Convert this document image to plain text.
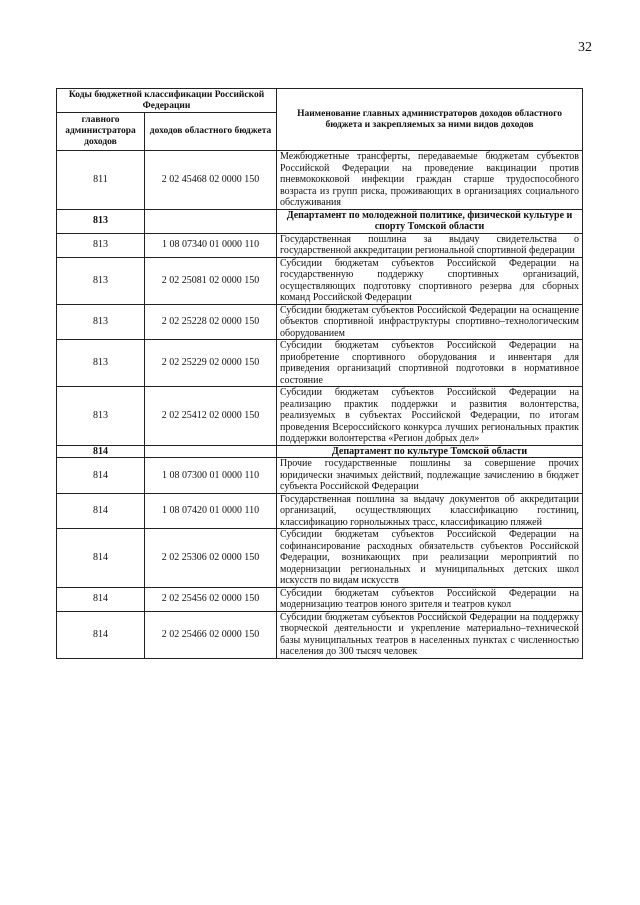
32
Коды бюджетной классификации Российской Федерации		Наименование главных администраторов доходов областного бюджета и закрепляемых за ними видов доходов
главного администратора доходов	доходов областного бюджета	
811	2 02 45468 02 0000 150	Межбюджетные трансферты, передаваемые бюджетам субъектов Российской Федерации на проведение вакцинации против пневмококковой инфекции граждан старше трудоспособного возраста из групп риска, проживающих в организациях социального обслуживания
813		Департамент по молодежной политике, физической культуре и спорту Томской области
813	1 08 07340 01 0000 110	Государственная пошлина за выдачу свидетельства о государственной аккредитации региональной спортивной федерации
813	2 02 25081 02 0000 150	Субсидии бюджетам субъектов Российской Федерации на государственную поддержку спортивных организаций, осуществляющих подготовку спортивного резерва для сборных команд Российской Федерации
813	2 02 25228 02 0000 150	Субсидии бюджетам субъектов Российской Федерации на оснащение объектов спортивной инфраструктуры спортивно–технологическим оборудованием
813	2 02 25229 02 0000 150	Субсидии бюджетам субъектов Российской Федерации на приобретение спортивного оборудования и инвентаря для приведения организаций спортивной подготовки в нормативное состояние
813	2 02 25412 02 0000 150	Субсидии бюджетам субъектов Российской Федерации на реализацию практик поддержки и развития волонтерства, реализуемых в субъектах Российской Федерации, по итогам проведения Всероссийского конкурса лучших региональных практик поддержки волонтерства «Регион добрых дел»
814		Департамент по культуре Томской области
814	1 08 07300 01 0000 110	Прочие государственные пошлины за совершение прочих юридически значимых действий, подлежащие зачислению в бюджет субъекта Российской Федерации
814	1 08 07420 01 0000 110	Государственная пошлина за выдачу документов об аккредитации организаций, осуществляющих классификацию гостиниц, классификацию горнолыжных трасс, классификацию пляжей
814	2 02 25306 02 0000 150	Субсидии бюджетам субъектов Российской Федерации на софинансирование расходных обязательств субъектов Российской Федерации, возникающих при реализации мероприятий по модернизации региональных и муниципальных детских школ искусств по видам искусств
814	2 02 25456 02 0000 150	Субсидии бюджетам субъектов Российской Федерации на модернизацию театров юного зрителя и театров кукол
814	2 02 25466 02 0000 150	Субсидии бюджетам субъектов Российской Федерации на поддержку творческой деятельности и укрепление материально–технической базы муниципальных театров в населенных пунктах с численностью населения до 300 тысяч человек
